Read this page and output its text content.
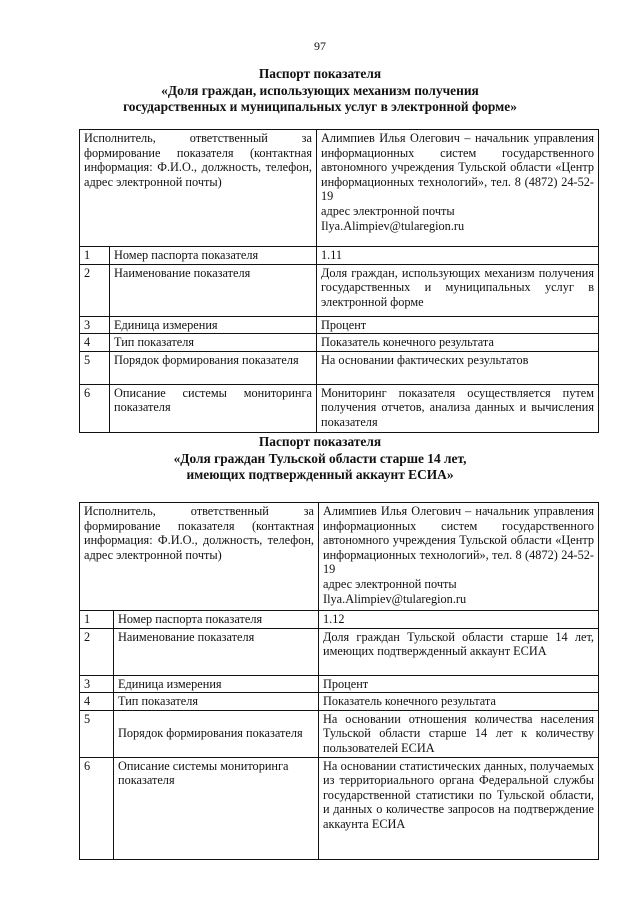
97
Паспорт показателя
«Доля граждан, использующих механизм получения
государственных и муниципальных услуг в электронной форме»
Исполнитель, ответственный за формирование показателя (контактная информация: Ф.И.О., должность, телефон, адрес электронной почты)		Алимпиев Илья Олегович – начальник управления информационных систем государственного автономного учреждения Тульской области «Центр информационных технологий», тел. 8 (4872) 24-52-19
адрес электронной почты
Ilya.Alimpiev@tularegion.ru

1	Номер паспорта показателя	1.11
2	Наименование показателя	Доля граждан, использующих механизм получения государственных и муниципальных услуг в электронной форме
3	Единица измерения	Процент
4	Тип показателя	Показатель конечного результата
5	Порядок формирования показателя	На основании фактических результатов
6	Описание системы мониторинга показателя	Мониторинг показателя осуществляется путем получения отчетов, анализа данных и вычисления показателя
Паспорт показателя
«Доля граждан Тульской области старше 14 лет,
имеющих подтвержденный аккаунт ЕСИА»
Исполнитель, ответственный за формирование показателя (контактная информация: Ф.И.О., должность, телефон, адрес электронной почты)		Алимпиев Илья Олегович – начальник управления информационных систем государственного автономного учреждения Тульской области «Центр информационных технологий», тел. 8 (4872) 24-52-19
адрес электронной почты
Ilya.Alimpiev@tularegion.ru

1	Номер паспорта показателя	1.12
2	Наименование показателя	Доля граждан Тульской области старше 14 лет, имеющих подтвержденный аккаунт ЕСИА
3	Единица измерения	Процент
4	Тип показателя	Показатель конечного результата
5	Порядок формирования показателя	На основании отношения количества населения Тульской области старше 14 лет к количеству пользователей ЕСИА
6	Описание системы мониторинга показателя	На основании статистических данных, получаемых из территориального органа Федеральной службы государственной статистики по Тульской области, и данных о количестве запросов на подтверждение аккаунта ЕСИА
